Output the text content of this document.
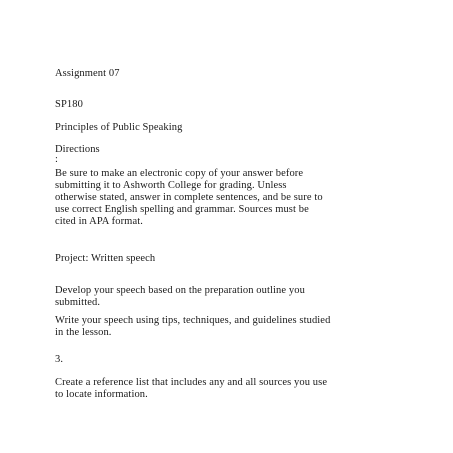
Assignment 07

SP180

Principles of Public Speaking

Directions

:

Be sure to make an electronic copy of your answer before
submitting it to Ashworth College for grading. Unless
otherwise stated, answer in complete sentences, and be sure to
use correct English spelling and grammar. Sources must be
cited in APA format.

Project: Written speech

Develop your speech based on the preparation outline you
submitted.
Write your speech using tips, techniques, and guidelines studied
in the lesson.

3.

Create a reference list that includes any and all sources you use
to locate information.
